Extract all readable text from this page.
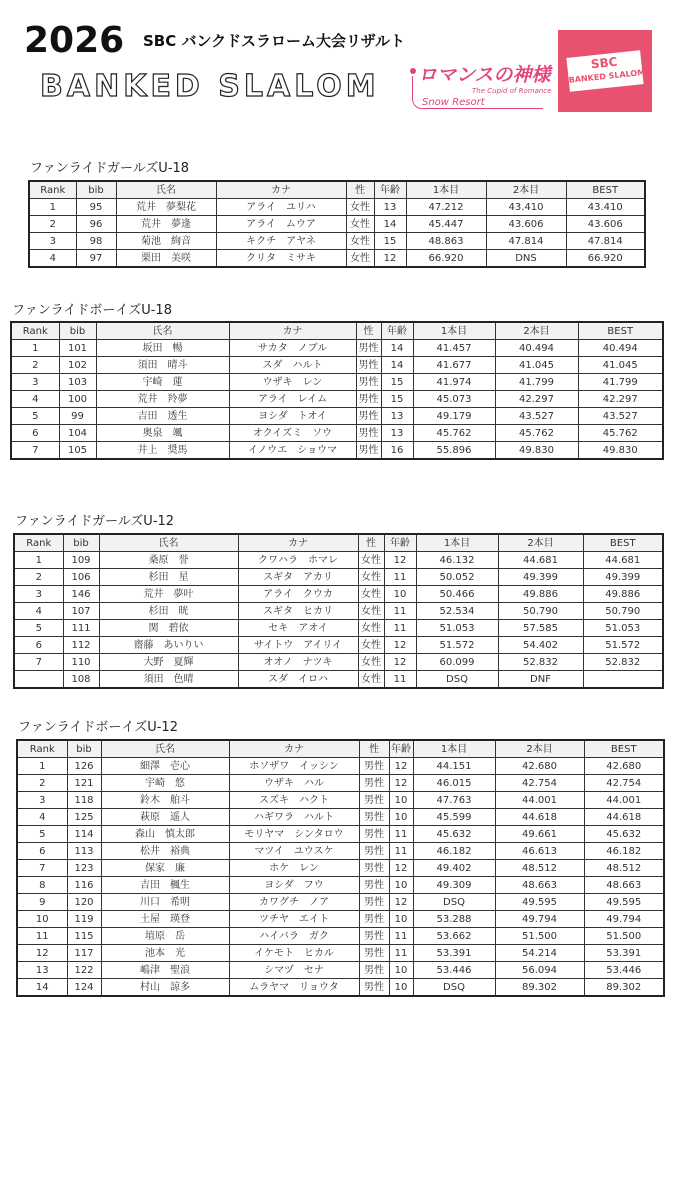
2026 SBC バンクドスラローム大会リザルト
BANKED SLALOM ロマンスの神様
The Cupid of Romance
Snow Resort
SBC
BANKED SLALOM
ファンライドガールズU-18
Rank	bib	氏名	カナ	性	年齢	1本目	2本目	BEST
1	95	荒井　夢梨花	アライ　ユリハ	女性	13	47.212	43.410	43.410
2	96	荒井　夢逢	アライ　ムウア	女性	14	45.447	43.606	43.606
3	98	菊池　絢音	キクチ　アヤネ	女性	15	48.863	47.814	47.814
4	97	栗田　美咲	クリタ　ミサキ	女性	12	66.920	DNS	66.920
ファンライドボーイズU-18
Rank	bib	氏名	カナ	性	年齢	1本目	2本目	BEST
1	101	坂田　暢	サカタ　ノブル	男性	14	41.457	40.494	40.494
2	102	須田　晴斗	スダ　ハルト	男性	14	41.677	41.045	41.045
3	103	宇崎　蓮	ウザキ　レン	男性	15	41.974	41.799	41.799
4	100	荒井　羚夢	アライ　レイム	男性	15	45.073	42.297	42.297
5	99	吉田　透生	ヨシダ　トオイ	男性	13	49.179	43.527	43.527
6	104	奥泉　颯	オクイズミ　ソウ	男性	13	45.762	45.762	45.762
7	105	井上　奨馬	イノウエ　ショウマ	男性	16	55.896	49.830	49.830
ファンライドガールズU-12
Rank	bib	氏名	カナ	性	年齢	1本目	2本目	BEST
1	109	桑原　誉	クワハラ　ホマレ	女性	12	46.132	44.681	44.681
2	106	杉田　星	スギタ　アカリ	女性	11	50.052	49.399	49.399
3	146	荒井　夢叶	アライ　クウカ	女性	10	50.466	49.886	49.886
4	107	杉田　晄	スギタ　ヒカリ	女性	11	52.534	50.790	50.790
5	111	関　碧依	セキ　アオイ	女性	11	51.053	57.585	51.053
6	112	齋藤　あいりい	サイトウ　アイリイ	女性	12	51.572	54.402	51.572
7	110	大野　夏輝	オオノ　ナツキ	女性	12	60.099	52.832	52.832
	108	須田　色晴	スダ　イロハ	女性	11	DSQ	DNF	
ファンライドボーイズU-12
Rank	bib	氏名	カナ	性	年齢	1本目	2本目	BEST
1	126	細澤　壱心	ホソザワ　イッシン	男性	12	44.151	42.680	42.680
2	121	宇崎　悠	ウザキ　ハル	男性	12	46.015	42.754	42.754
3	118	鈴木　舶斗	スズキ　ハクト	男性	10	47.763	44.001	44.001
4	125	萩原　遥人	ハギワラ　ハルト	男性	10	45.599	44.618	44.618
5	114	森山　慎太郎	モリヤマ　シンタロウ	男性	11	45.632	49.661	45.632
6	113	松井　裕典	マツイ　ユウスケ	男性	11	46.182	46.613	46.182
7	123	保家　廉	ホケ　レン	男性	12	49.402	48.512	48.512
8	116	吉田　楓生	ヨシダ　フウ	男性	10	49.309	48.663	48.663
9	120	川口　希明	カワグチ　ノア	男性	12	DSQ	49.595	49.595
10	119	土屋　瑛登	ツチヤ　エイト	男性	10	53.288	49.794	49.794
11	115	埴原　岳	ハイバラ　ガク	男性	11	53.662	51.500	51.500
12	117	池本　光	イケモト　ヒカル	男性	11	53.391	54.214	53.391
13	122	嶋津　聖浪	シマヅ　セナ	男性	10	53.446	56.094	53.446
14	124	村山　諒多	ムラヤマ　リョウタ	男性	10	DSQ	89.302	89.302
